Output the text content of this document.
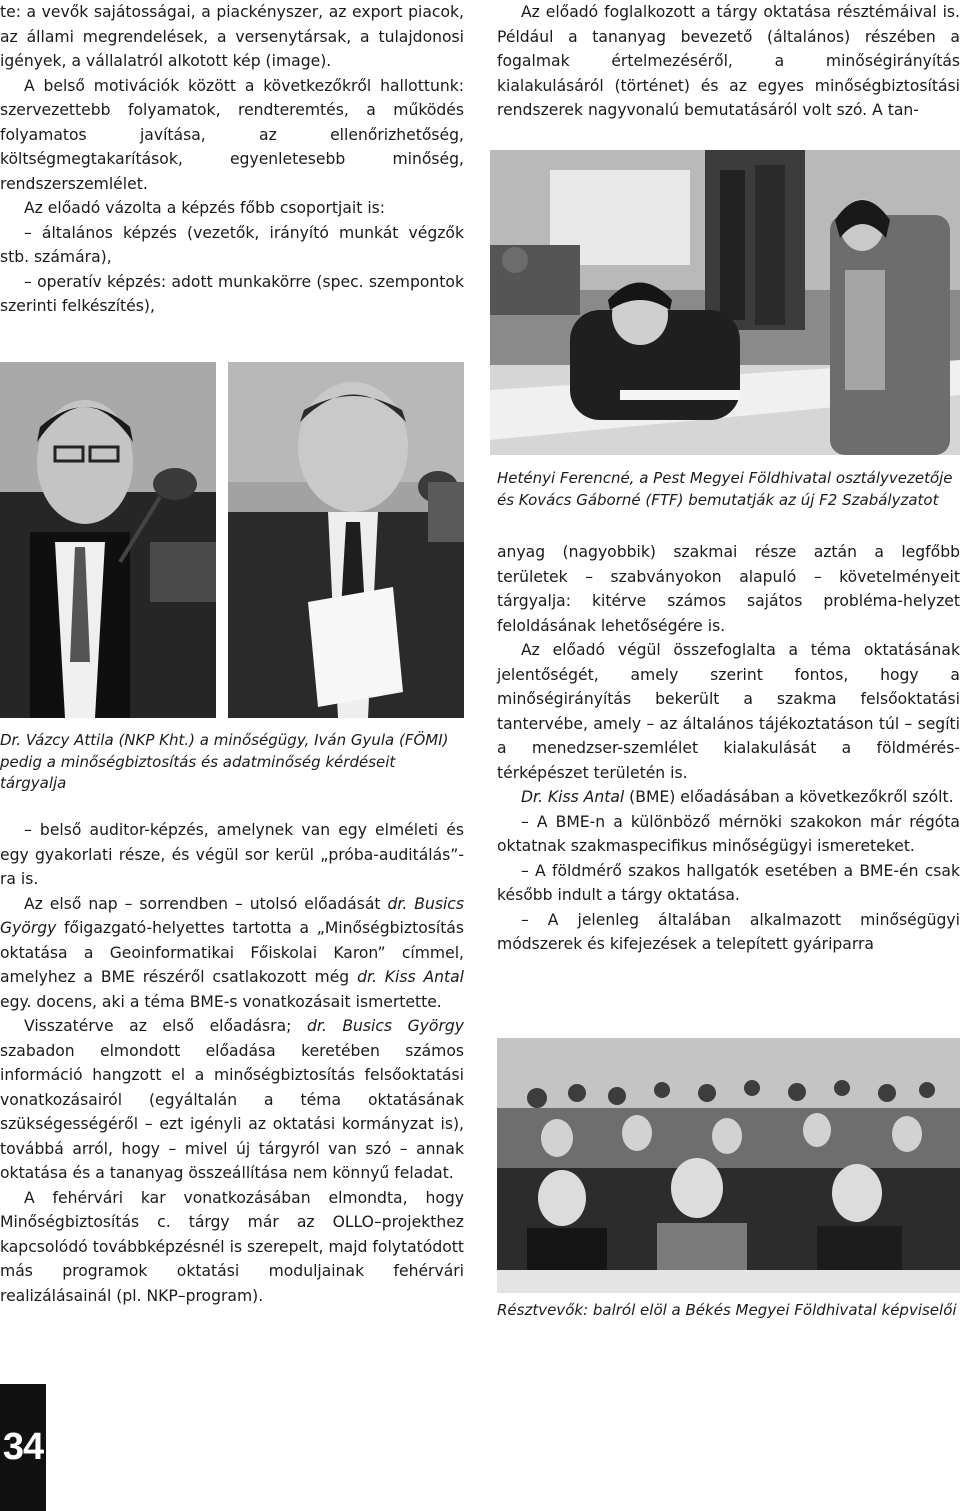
te: a vevők sajátosságai, a piackényszer, az export piacok, az állami megrendelések, a versenytársak, a tulajdonosi igények, a vállalatról alkotott kép (image).

A belső motivációk között a következőkről hallottunk: szervezettebb folyamatok, rendteremtés, a működés folyamatos javítása, az ellenőrizhetőség, költségmegtakarítások, egyenletesebb minőség, rendszerszemlélet.

Az előadó vázolta a képzés főbb csoportjait is:

– általános képzés (vezetők, irányító munkát végzők stb. számára),

– operatív képzés: adott munkakörre (spec. szempontok szerinti felkészítés),

Az előadó foglalkozott a tárgy oktatása résztémáival is. Például a tananyag bevezető (általános) részében a fogalmak értelmezéséről, a minőségirányítás kialakulásáról (történet) és az egyes minőségbiztosítási rendszerek nagyvonalú bemutatásáról volt szó. A tan-

Hetényi Ferencné, a Pest Megyei Földhivatal osztályvezetője és Kovács Gáborné (FTF) bemutatják az új F2 Szabályzatot
Dr. Vázcy Attila (NKP Kht.) a minőségügy, Iván Gyula (FÖMI) pedig a minőségbiztosítás és adatminőség kérdéseit tárgyalja

– belső auditor-képzés, amelynek van egy elméleti és egy gyakorlati része, és végül sor kerül „próba-auditálás”-ra is.

Az első nap – sorrendben – utolsó előadását dr. Busics György főigazgató-helyettes tartotta a „Minőségbiztosítás oktatása a Geoinformatikai Főiskolai Karon” címmel, amelyhez a BME részéről csatlakozott még dr. Kiss Antal egy. docens, aki a téma BME-s vonatkozásait ismertette.

Visszatérve az első előadásra; dr. Busics György szabadon elmondott előadása keretében számos információ hangzott el a minőségbiztosítás felsőoktatási vonatkozásairól (egyáltalán a téma oktatásának szükségességéről – ezt igényli az oktatási kormányzat is), továbbá arról, hogy – mivel új tárgyról van szó – annak oktatása és a tananyag összeállítása nem könnyű feladat.

A fehérvári kar vonatkozásában elmondta, hogy Minőségbiztosítás c. tárgy már az OLLO–projekthez kapcsolódó továbbképzésnél is szerepelt, majd folytatódott más programok oktatási moduljainak fehérvári realizálásainál (pl. NKP–program).

anyag (nagyobbik) szakmai része aztán a legfőbb területek – szabványokon alapuló – követelményeit tárgyalja: kitérve számos sajátos probléma-helyzet feloldásának lehetőségére is.

Az előadó végül összefoglalta a téma oktatásának jelentőségét, amely szerint fontos, hogy a minőségirányítás bekerült a szakma felsőoktatási tantervébe, amely – az általános tájékoztatáson túl – segíti a menedzser-szemlélet kialakulását a földmérés-térképészet területén is.

Dr. Kiss Antal (BME) előadásában a következőkről szólt.

– A BME-n a különböző mérnöki szakokon már régóta oktatnak szakmaspecifikus minőségügyi ismereteket.

– A földmérő szakos hallgatók esetében a BME-én csak később indult a tárgy oktatása.

– A jelenleg általában alkalmazott minőségügyi módszerek és kifejezések a telepített gyáriparra

Résztvevők: balról elöl a Békés Megyei Földhivatal képviselői
34
